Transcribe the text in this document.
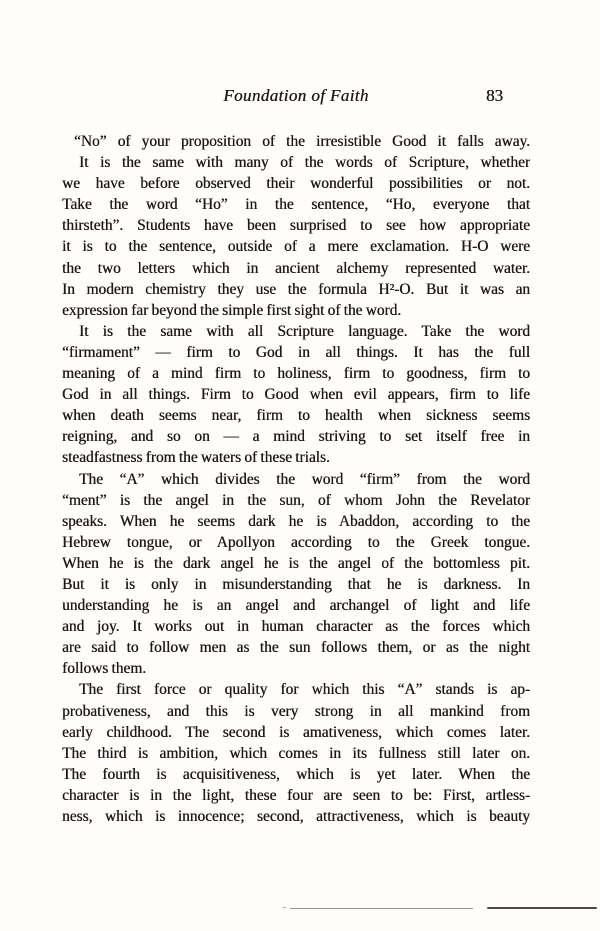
Foundation of Faith	83
“No” of your proposition of the irresistible Good it falls away.
It is the same with many of the words of Scripture, whether
we have before observed their wonderful possibilities or not.
Take the word “Ho” in the sentence, “Ho, everyone that
thirsteth”. Students have been surprised to see how appropriate
it is to the sentence, outside of a mere exclamation. H-O were
the two letters which in ancient alchemy represented water.
In modern chemistry they use the formula H²-O. But it was an
expression far beyond the simple first sight of the word.
It is the same with all Scripture language. Take the word
“firmament” — firm to God in all things. It has the full
meaning of a mind firm to holiness, firm to goodness, firm to
God in all things. Firm to Good when evil appears, firm to life
when death seems near, firm to health when sickness seems
reigning, and so on — a mind striving to set itself free in
steadfastness from the waters of these trials.
The “A” which divides the word “firm” from the word
“ment” is the angel in the sun, of whom John the Revelator
speaks. When he seems dark he is Abaddon, according to the
Hebrew tongue, or Apollyon according to the Greek tongue.
When he is the dark angel he is the angel of the bottomless pit.
But it is only in misunderstanding that he is darkness. In
understanding he is an angel and archangel of light and life
and joy. It works out in human character as the forces which
are said to follow men as the sun follows them, or as the night
follows them.
The first force or quality for which this “A” stands is ap-
probativeness, and this is very strong in all mankind from
early childhood. The second is amativeness, which comes later.
The third is ambition, which comes in its fullness still later on.
The fourth is acquisitiveness, which is yet later. When the
character is in the light, these four are seen to be: First, artless-
ness, which is innocence; second, attractiveness, which is beauty
